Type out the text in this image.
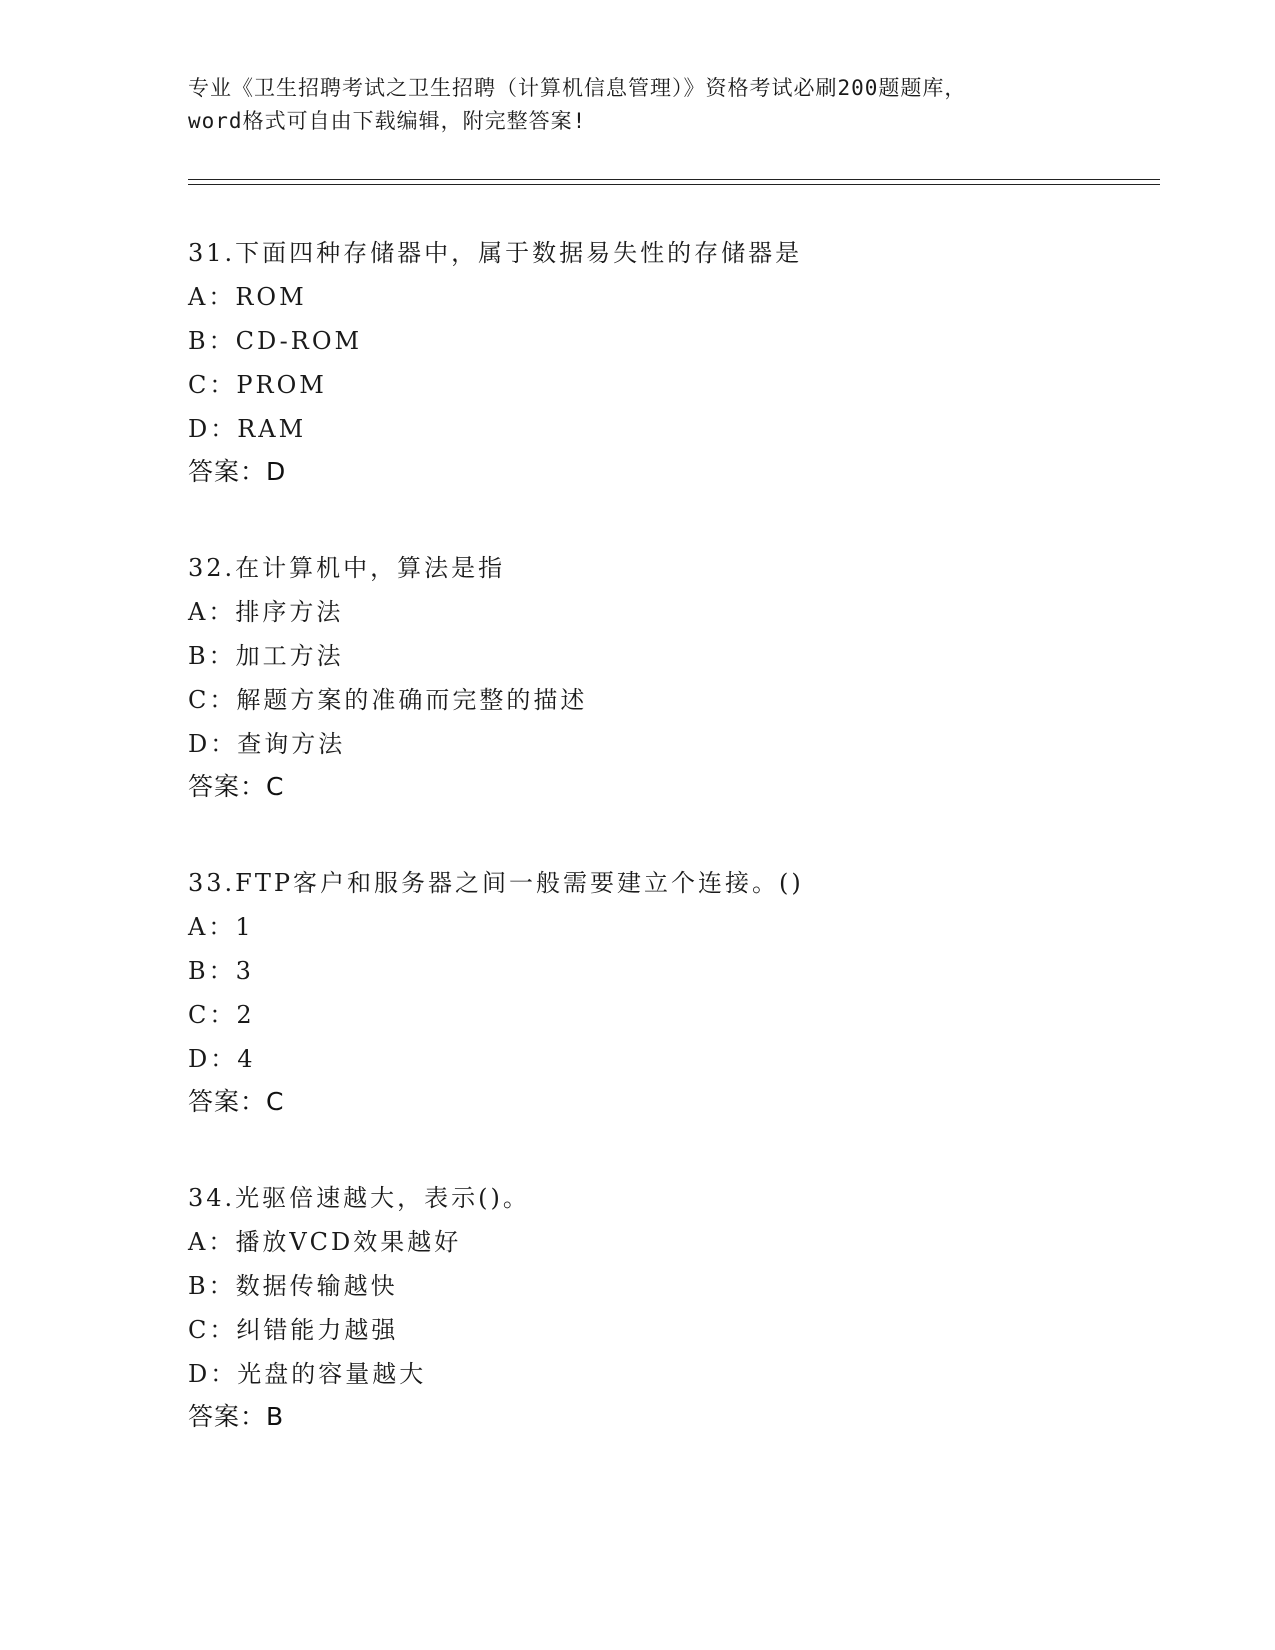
专业《卫生招聘考试之卫生招聘（计算机信息管理）》资格考试必刷200题题库，
word格式可自由下载编辑，附完整答案!
31.下面四种存储器中，属于数据易失性的存储器是
A：ROM
B：CD-ROM
C：PROM
D：RAM
答案：D
32.在计算机中，算法是指
A：排序方法
B：加工方法
C：解题方案的准确而完整的描述
D：查询方法
答案：C
33.FTP客户和服务器之间一般需要建立个连接。()
A：1
B：3
C：2
D：4
答案：C
34.光驱倍速越大，表示()。
A：播放VCD效果越好
B：数据传输越快
C：纠错能力越强
D：光盘的容量越大
答案：B
